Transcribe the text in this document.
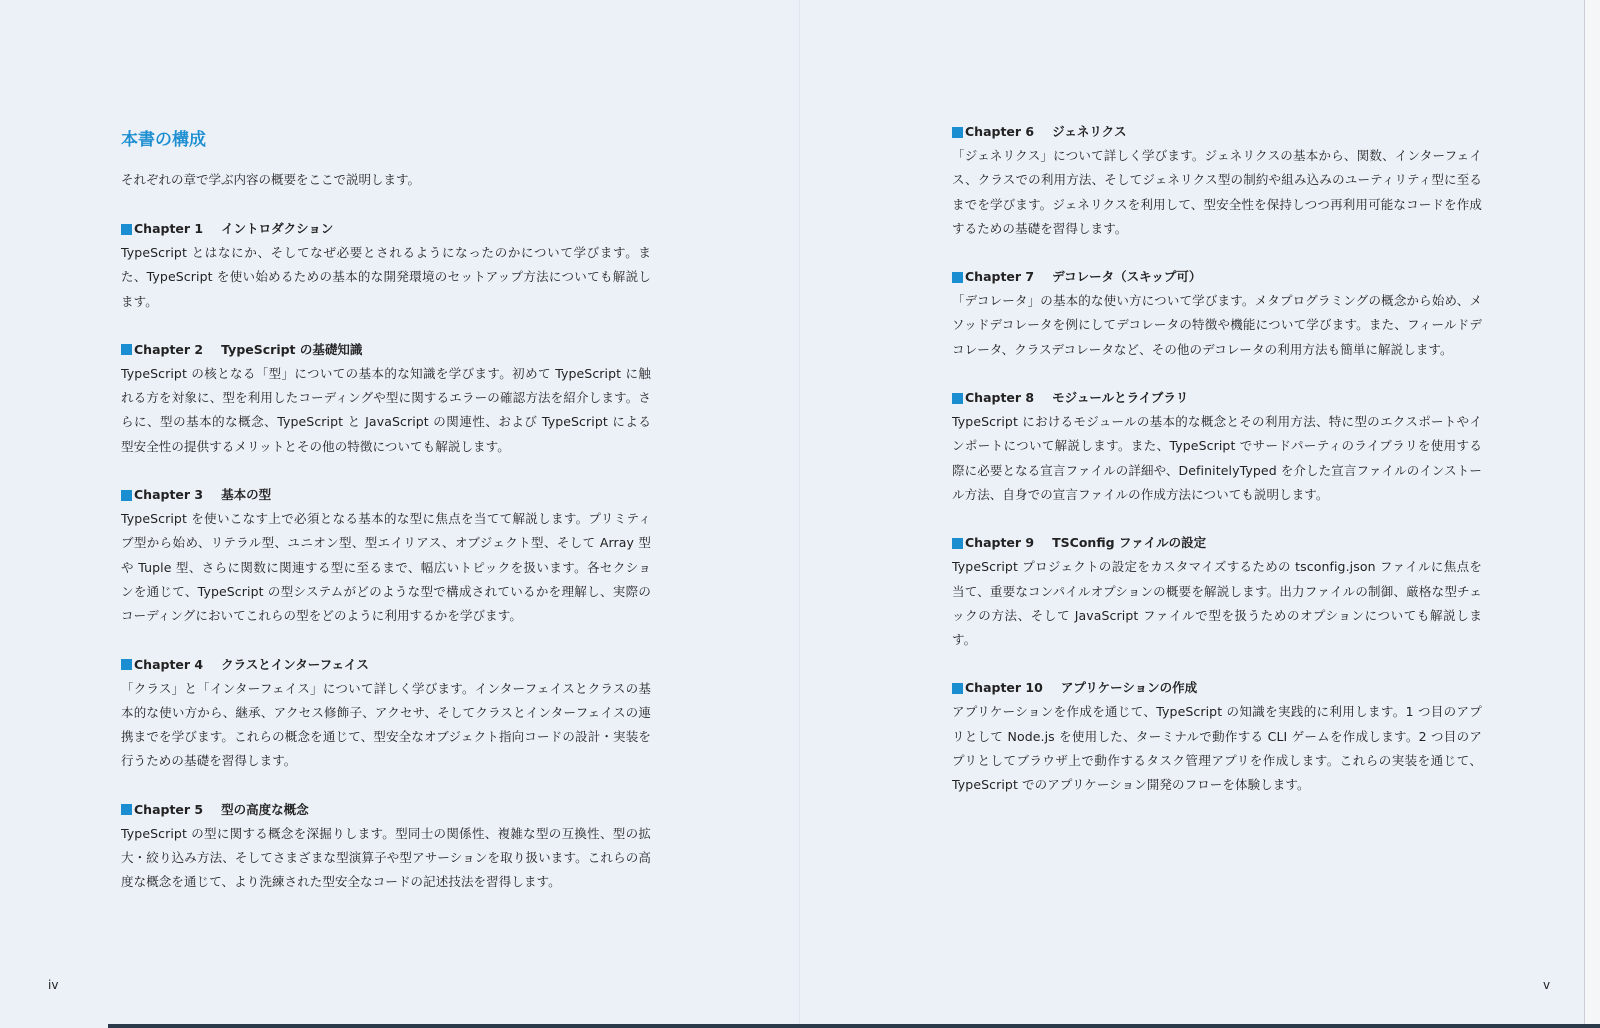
本書の構成

それぞれの章で学ぶ内容の概要をここで説明します。

Chapter 1 イントロダクション

TypeScript とはなにか、そしてなぜ必要とされるようになったのかについて学びます。また、TypeScript を使い始めるための基本的な開発環境のセットアップ方法についても解説します。

Chapter 2 TypeScript の基礎知識

TypeScript の核となる「型」についての基本的な知識を学びます。初めて TypeScript に触れる方を対象に、型を利用したコーディングや型に関するエラーの確認方法を紹介します。さらに、型の基本的な概念、TypeScript と JavaScript の関連性、および TypeScript による型安全性の提供するメリットとその他の特徴についても解説します。

Chapter 3 基本の型

TypeScript を使いこなす上で必須となる基本的な型に焦点を当てて解説します。プリミティブ型から始め、リテラル型、ユニオン型、型エイリアス、オブジェクト型、そして Array 型や Tuple 型、さらに関数に関連する型に至るまで、幅広いトピックを扱います。各セクションを通じて、TypeScript の型システムがどのような型で構成されているかを理解し、実際のコーディングにおいてこれらの型をどのように利用するかを学びます。

Chapter 4 クラスとインターフェイス

「クラス」と「インターフェイス」について詳しく学びます。インターフェイスとクラスの基本的な使い方から、継承、アクセス修飾子、アクセサ、そしてクラスとインターフェイスの連携までを学びます。これらの概念を通じて、型安全なオブジェクト指向コードの設計・実装を行うための基礎を習得します。

Chapter 5 型の高度な概念

TypeScript の型に関する概念を深掘りします。型同士の関係性、複雑な型の互換性、型の拡大・絞り込み方法、そしてさまざまな型演算子や型アサーションを取り扱います。これらの高度な概念を通じて、より洗練された型安全なコードの記述技法を習得します。

Chapter 6 ジェネリクス

「ジェネリクス」について詳しく学びます。ジェネリクスの基本から、関数、インターフェイス、クラスでの利用方法、そしてジェネリクス型の制約や組み込みのユーティリティ型に至るまでを学びます。ジェネリクスを利用して、型安全性を保持しつつ再利用可能なコードを作成するための基礎を習得します。

Chapter 7 デコレータ（スキップ可）

「デコレータ」の基本的な使い方について学びます。メタプログラミングの概念から始め、メソッドデコレータを例にしてデコレータの特徴や機能について学びます。また、フィールドデコレータ、クラスデコレータなど、その他のデコレータの利用方法も簡単に解説します。

Chapter 8 モジュールとライブラリ

TypeScript におけるモジュールの基本的な概念とその利用方法、特に型のエクスポートやインポートについて解説します。また、TypeScript でサードパーティのライブラリを使用する際に必要となる宣言ファイルの詳細や、DefinitelyTyped を介した宣言ファイルのインストール方法、自身での宣言ファイルの作成方法についても説明します。

Chapter 9 TSConfig ファイルの設定

TypeScript プロジェクトの設定をカスタマイズするための tsconfig.json ファイルに焦点を当て、重要なコンパイルオプションの概要を解説します。出力ファイルの制御、厳格な型チェックの方法、そして JavaScript ファイルで型を扱うためのオプションについても解説します。

Chapter 10 アプリケーションの作成

アプリケーションを作成を通じて、TypeScript の知識を実践的に利用します。1 つ目のアプリとして Node.js を使用した、ターミナルで動作する CLI ゲームを作成します。2 つ目のアプリとしてブラウザ上で動作するタスク管理アプリを作成します。これらの実装を通じて、TypeScript でのアプリケーション開発のフローを体験します。

iv	v
